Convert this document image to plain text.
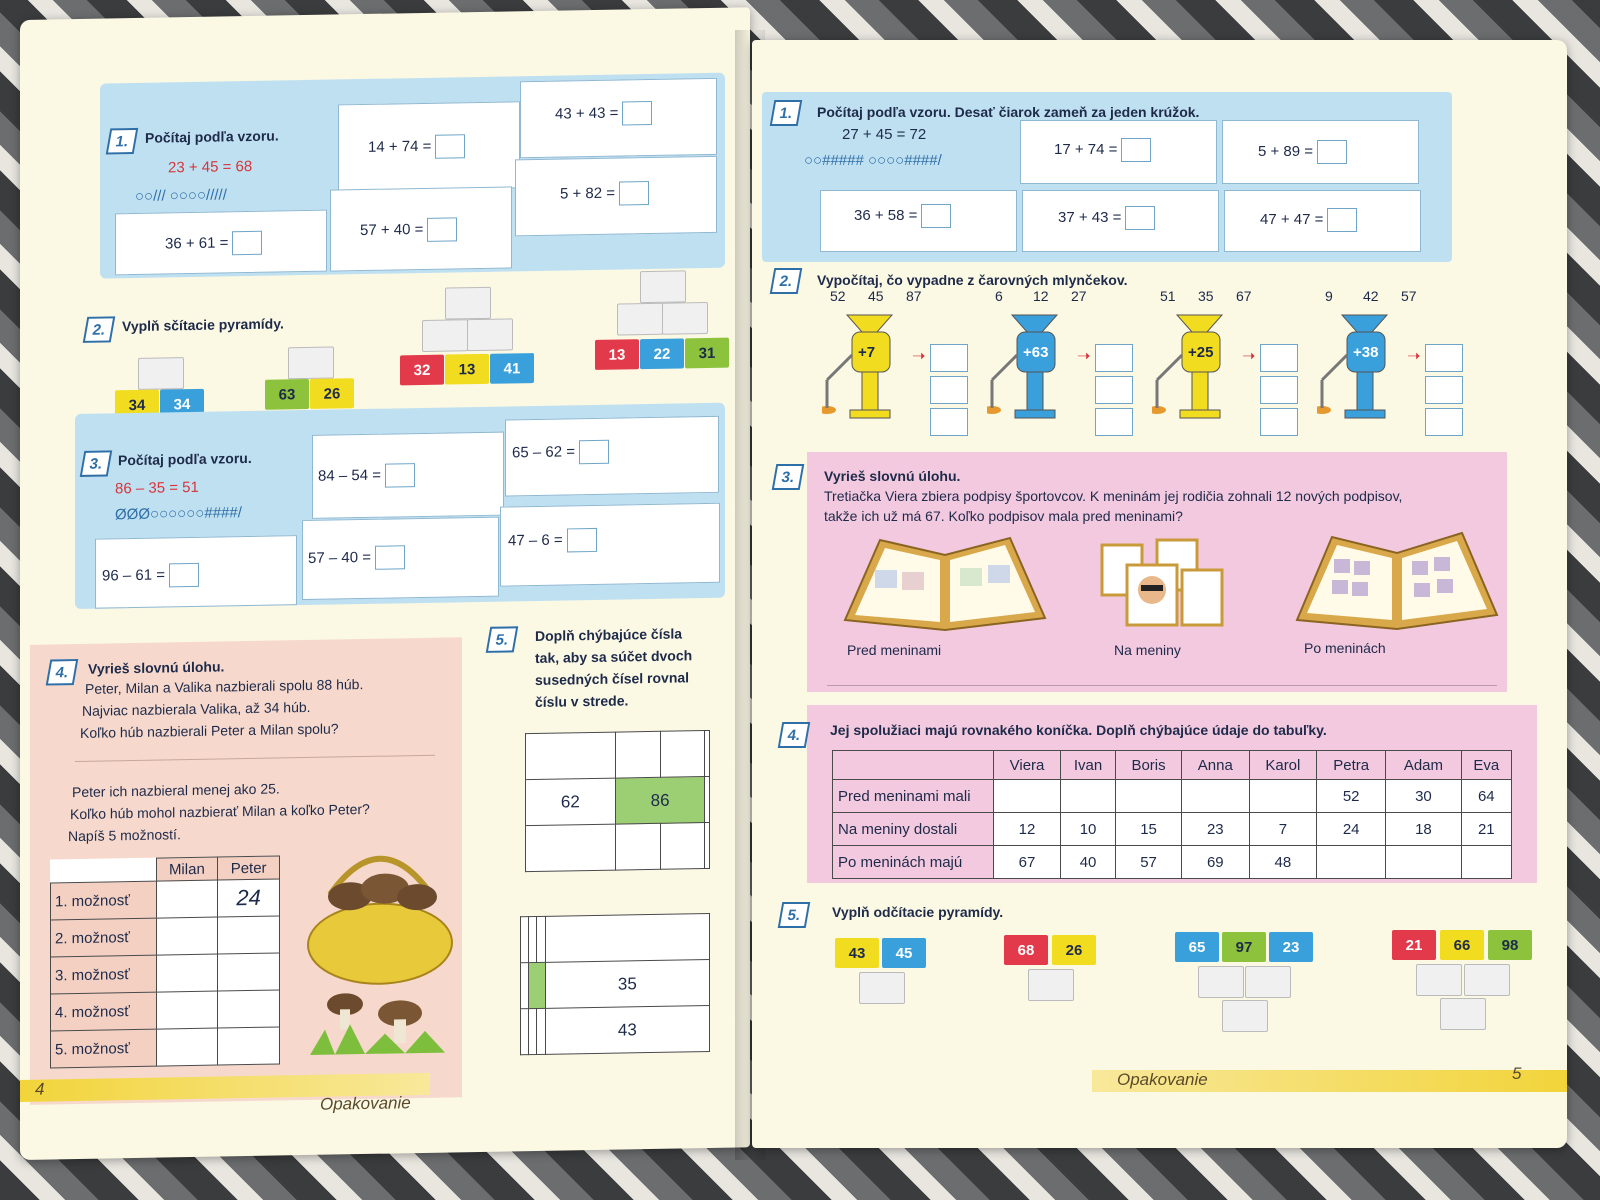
1.	Počítaj podľa vzoru.
23 + 45 = 68
○○/// ○○○○/////
14 + 74 =
43 + 43 =
57 + 40 =
5 + 82 =
36 + 61 =
2.	Vyplň sčítacie pyramídy.
34	34
63	26
32	13	41
13	22	31
3.	Počítaj podľa vzoru.
86 – 35 = 51
ØØØ○○○○○○####/
84 – 54 =
65 – 62 =
96 – 61 =
57 – 40 =
47 – 6 =
4.	Vyrieš slovnú úlohu.
Peter, Milan a Valika nazbierali spolu 88 húb.
Najviac nazbierala Valika, až 34 húb.
Koľko húb nazbierali Peter a Milan spolu?
Peter ich nazbieral menej ako 25.
Koľko húb mohol nazbierať Milan a koľko Peter?
Napíš 5 možností.
	Milan	Peter
1. možnosť		24
2. možnosť		
3. možnosť		
4. možnosť		
5. možnosť		
5.	Doplň chýbajúce čísla
tak, aby sa súčet dvoch
susedných čísel rovnal
číslu v strede.

62	86		

			35
			43
4
Opakovanie
1.	Počítaj podľa vzoru. Desať čiarok zameň za jeden krúžok.
27 + 45 = 72
○○##### ○○○○####/
17 + 74 =	5 + 89 =
36 + 58 =	37 + 43 =	47 + 47 =
2.	Vypočítaj, čo vypadne z čarovných mlynčekov.
52 45 87
+7 ➝
6 12 27
+63 ➝
51 35 67
+25 ➝
9 42 57
+38 ➝
3.	Vyrieš slovnú úlohu.
Tretiačka Viera zbiera podpisy športovcov. K meninám jej rodičia zohnali 12 nových podpisov,
takže ich už má 67. Koľko podpisov mala pred meninami?
Pred meninami	Na meniny	Po meninách
4.	Jej spolužiaci majú rovnakého koníčka. Doplň chýbajúce údaje do tabuľky.
	Viera	Ivan	Boris	Anna	Karol	Petra	Adam	Eva
Pred meninami mali						52	30	64
Na meniny dostali	12	10	15	23	7	24	18	21
Po meninách majú	67	40	57	69	48			
5.	Vyplň odčítacie pyramídy.
43	45	68	26	65	97	23	21	66	98
Opakovanie	5
